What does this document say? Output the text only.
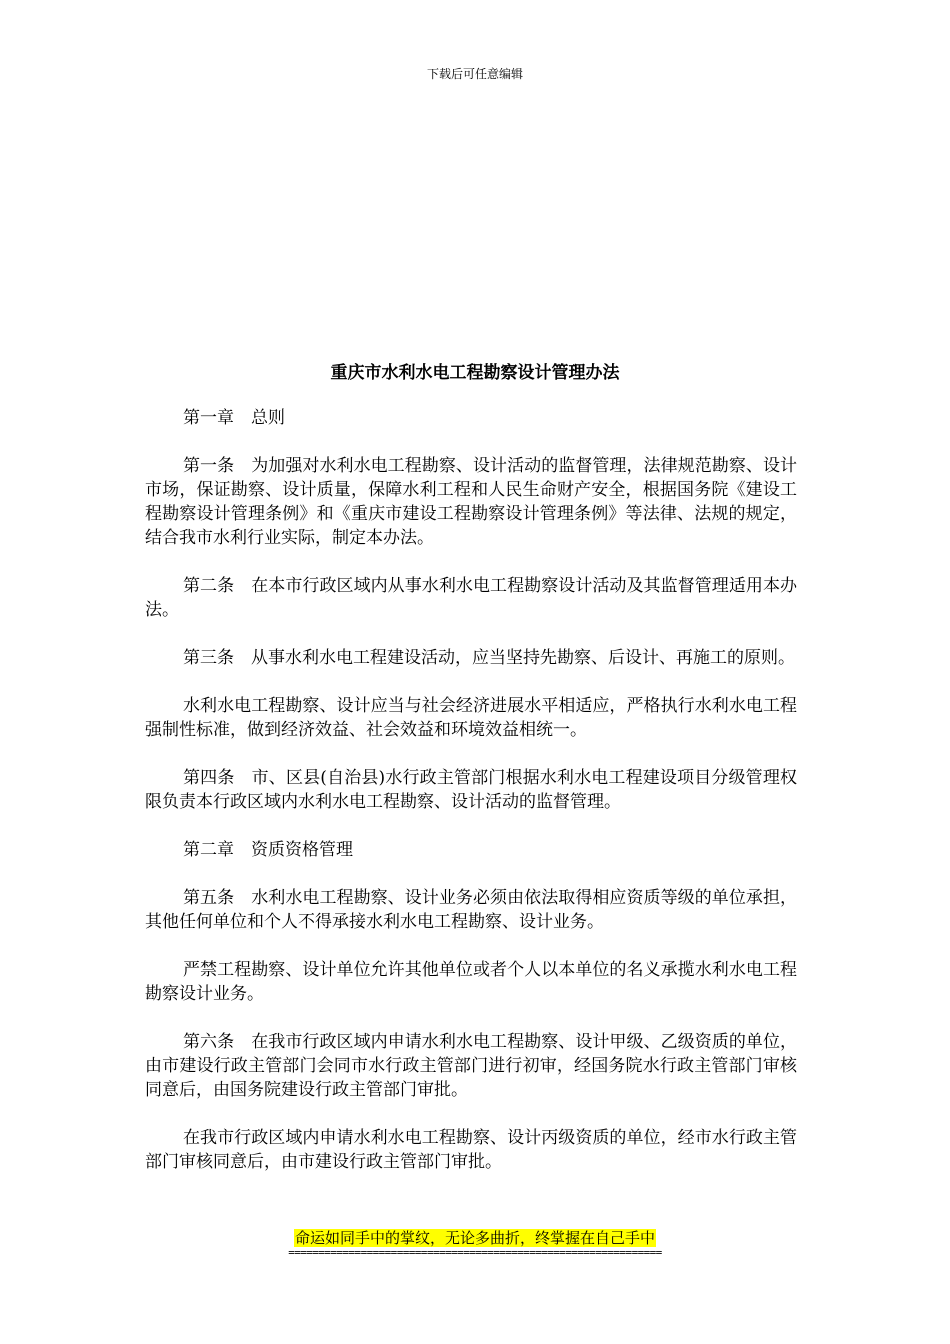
下载后可任意编辑
重庆市水利水电工程勘察设计管理办法

第一章　总则

第一条　为加强对水利水电工程勘察、设计活动的监督管理，法律规范勘察、设计市场，保证勘察、设计质量，保障水利工程和人民生命财产安全，根据国务院《建设工程勘察设计管理条例》和《重庆市建设工程勘察设计管理条例》等法律、法规的规定，结合我市水利行业实际，制定本办法。

第二条　在本市行政区域内从事水利水电工程勘察设计活动及其监督管理适用本办法。

第三条　从事水利水电工程建设活动，应当坚持先勘察、后设计、再施工的原则。

水利水电工程勘察、设计应当与社会经济进展水平相适应，严格执行水利水电工程强制性标准，做到经济效益、社会效益和环境效益相统一。

第四条　市、区县(自治县)水行政主管部门根据水利水电工程建设项目分级管理权限负责本行政区域内水利水电工程勘察、设计活动的监督管理。

第二章　资质资格管理

第五条　水利水电工程勘察、设计业务必须由依法取得相应资质等级的单位承担，其他任何单位和个人不得承接水利水电工程勘察、设计业务。

严禁工程勘察、设计单位允许其他单位或者个人以本单位的名义承揽水利水电工程勘察设计业务。

第六条　在我市行政区域内申请水利水电工程勘察、设计甲级、乙级资质的单位，由市建设行政主管部门会同市水行政主管部门进行初审，经国务院水行政主管部门审核同意后，由国务院建设行政主管部门审批。

在我市行政区域内申请水利水电工程勘察、设计丙级资质的单位，经市水行政主管部门审核同意后，由市建设行政主管部门审批。

命运如同手中的掌纹，无论多曲折，终掌握在自己手中
==============================================================
